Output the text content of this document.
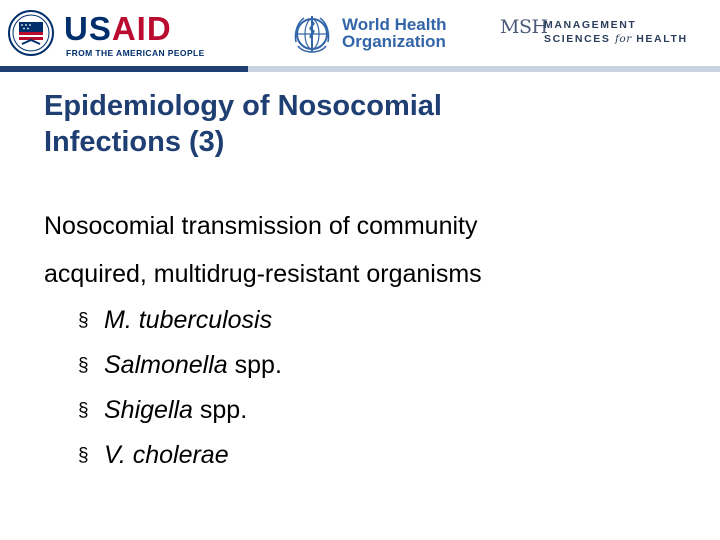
USAID
FROM THE AMERICAN PEOPLE
World Health
Organization
MSH
MANAGEMENT
SCIENCES for HEALTH
Epidemiology of Nosocomial
Infections (3)

Nosocomial transmission of community

acquired, multidrug-resistant organisms

§ M. tuberculosis
§ Salmonella spp.
§ Shigella spp.
§ V. cholerae
